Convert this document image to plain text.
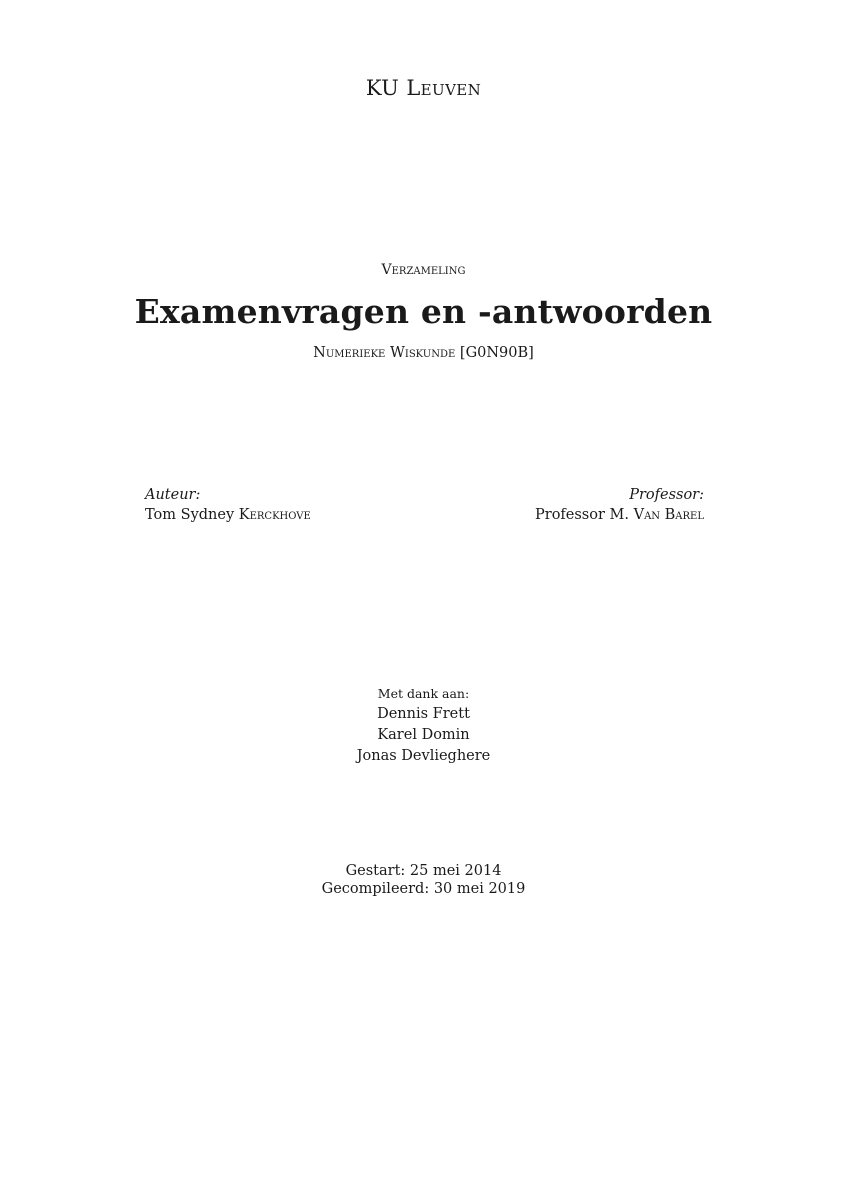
KU Leuven
Verzameling
Examenvragen en -antwoorden
Numerieke Wiskunde [G0N90B]
Auteur:
Tom Sydney Kerckhove
Professor:
Professor M. Van Barel
Met dank aan:
Dennis Frett
Karel Domin
Jonas Devlieghere
Gestart: 25 mei 2014
Gecompileerd: 30 mei 2019
